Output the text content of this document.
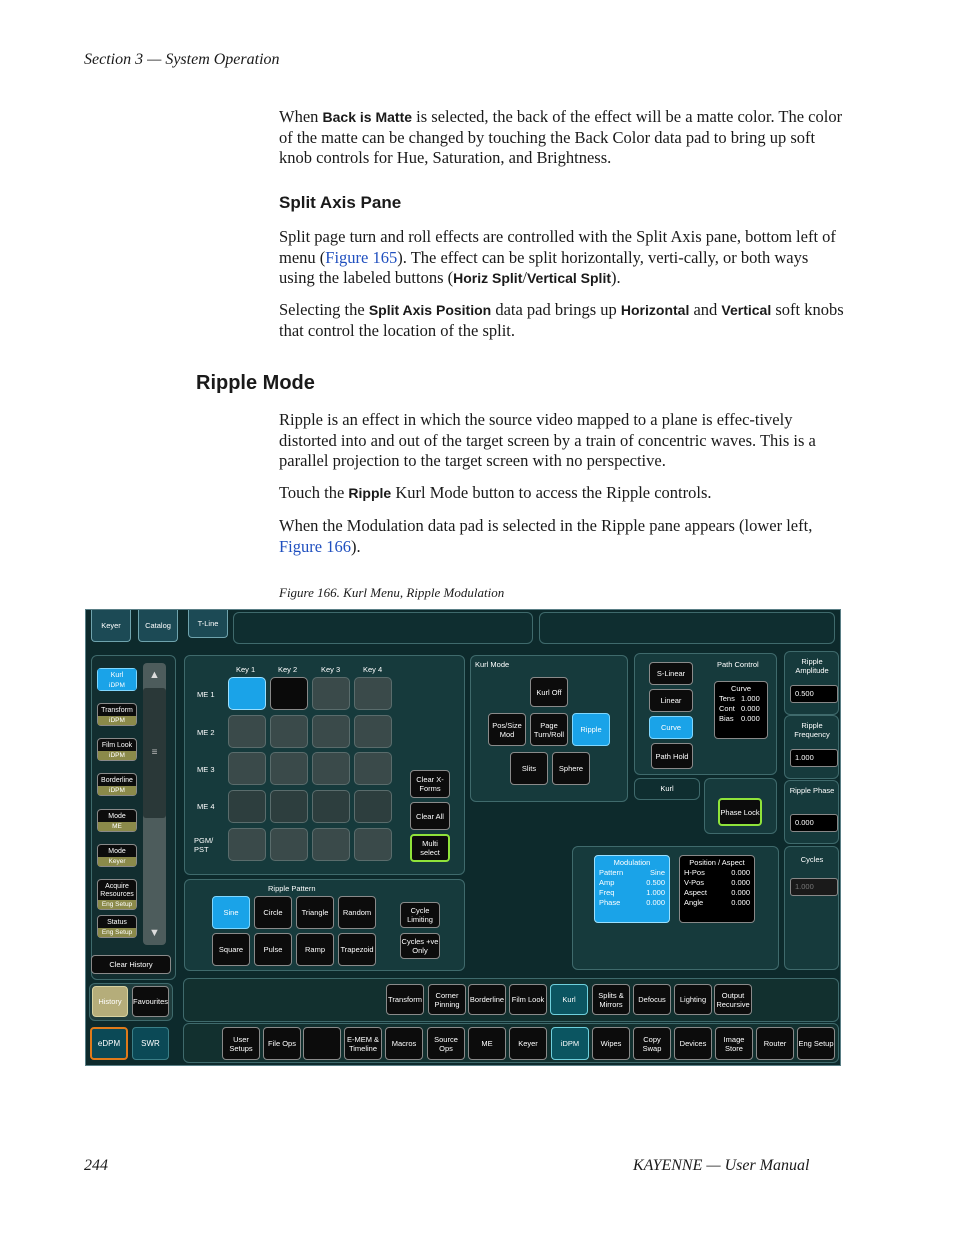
Section 3 — System Operation
When Back is Matte is selected, the back of the effect will be a matte color. The color of the matte can be changed by touching the Back Color data pad to bring up soft knob controls for Hue, Saturation, and Brightness.
Split Axis Pane
Split page turn and roll effects are controlled with the Split Axis pane, bottom left of menu (Figure 165). The effect can be split horizontally, verti-cally, or both ways using the labeled buttons (Horiz Split/Vertical Split).
Selecting the Split Axis Position data pad brings up Horizontal and Vertical soft knobs that control the location of the split.
Ripple Mode
Ripple is an effect in which the source video mapped to a plane is effec-tively distorted into and out of the target screen by a train of concentric waves. This is a parallel projection to the target screen with no perspective.
Touch the Ripple Kurl Mode button to access the Ripple controls.
When the Modulation data pad is selected in the Ripple pane appears (lower left, Figure 166).
Figure 166. Kurl Menu, Ripple Modulation
Keyer	Catalog	T-Line
Kurl
iDPM
Transform
iDPM
Film Look
iDPM
Borderline
iDPM
Mode
ME
Mode
Keyer
Acquire Resources
Eng Setup
Status
Eng Setup
▲
≡
▼
Clear History
History	Favourites
eDPM	SWR
Key 1	Key 2	Key 3	Key 4
ME 1
ME 2
ME 3
ME 4
PGM/ PST
Clear X-Forms
Clear All
Multi select
Kurl Mode
Kurl Off
Pos/Size Mod
Page Turn/Roll	Ripple
Slits	Sphere
S-Linear
Linear
Curve
Path Hold
Path Control
Curve
Tens 1.000
Cont 0.000
Bias 0.000
Kurl
Phase Lock
Ripple Amplitude
0.500
Ripple Frequency
1.000
Ripple Phase
0.000
Cycles
1.000
Modulation
Pattern	Sine
Amp	0.500
Freq	1.000
Phase	0.000
Position / Aspect
H-Pos	0.000
V-Pos	0.000
Aspect	0.000
Angle	0.000
Ripple Pattern
Sine	Circle	Triangle	Random
Square	Pulse	Ramp	Trapezoid
Cycle Limiting
Cycles +ve Only
Transform	Corner Pinning	Borderline	Film Look	Kurl	Splits & Mirrors	Defocus	Lighting	Output Recursive
User Setups	File Ops	E-MEM & Timeline	Macros	Source Ops	ME	Keyer	iDPM	Wipes	Copy Swap	Devices	Image Store	Router	Eng Setup
244	KAYENNE — User Manual
